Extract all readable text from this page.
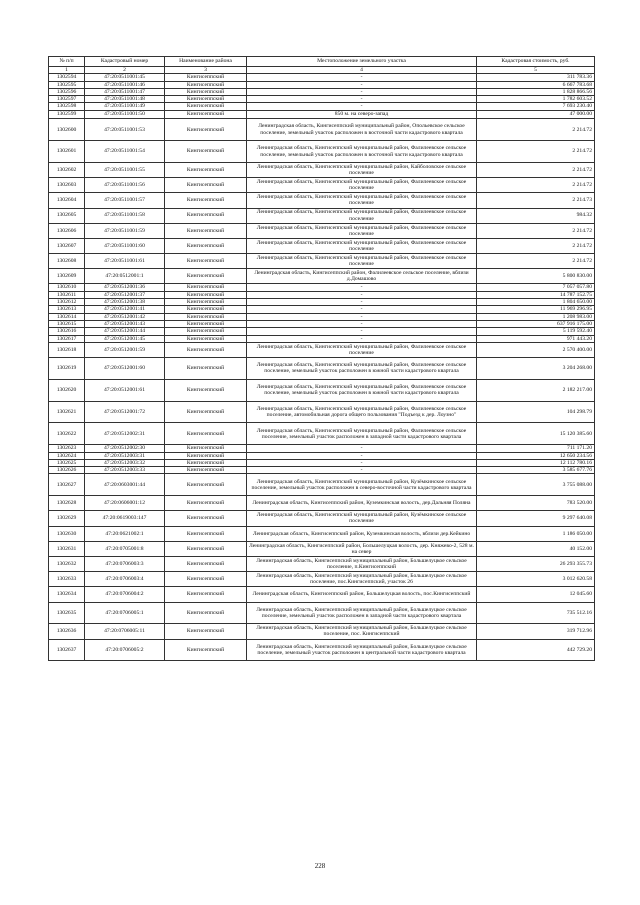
№ п/п	Кадастровый номер	Наименование района	Местоположение земельного участка	Кадастровая стоимость, руб.
1	2	3	4	5
1302594	47:20:0511001:45	Кингисеппский	-	311 783.36
1302595	47:20:0511001:46	Кингисеппский	-	6 667 783.68
1302596	47:20:0511001:47	Кингисеппский	-	1 828 866.56
1302597	47:20:0511001:48	Кингисеппский	-	1 782 603.52
1302598	47:20:0511001:49	Кингисеппский	-	7 693 230.40
1302599	47:20:0511001:50	Кингисеппский	850 м. на северо-запад	47 000.00
1302600	47:20:0511001:53	Кингисеппский	Ленинградская область, Кингисеппский муниципальный район, Опольевское сельское поселение, земельный участок расположен в восточной части кадастрового квартала	2 214.72
1302601	47:20:0511001:54	Кингисеппский	Ленинградская область, Кингисеппский муниципальный район, Фалилеевское сельское поселение, земельный участок расположен в восточной части кадастрового квартала	2 214.72
1302602	47:20:0511001:55	Кингисеппский	Ленинградская область, Кингисеппский муниципальный район, Кайболовское сельское поселение	2 214.72
1302603	47:20:0511001:56	Кингисеппский	Ленинградская область, Кингисеппский муниципальный район, Фалилеевское сельское поселение	2 214.72
1302604	47:20:0511001:57	Кингисеппский	Ленинградская область, Кингисеппский муниципальный район, Фалилеевское сельское поселение	2 214.73
1302605	47:20:0511001:58	Кингисеппский	Ленинградская область, Кингисеппский муниципальный район, Фалилеевское сельское поселение	984.32
1302606	47:20:0511001:59	Кингисеппский	Ленинградская область, Кингисеппский муниципальный район, Фалилеевское сельское поселение	2 214.72
1302607	47:20:0511001:60	Кингисеппский	Ленинградская область, Кингисеппский муниципальный район, Фалилеевское сельское поселение	2 214.72
1302608	47:20:0511001:61	Кингисеппский	Ленинградская область, Кингисеппский муниципальный район, Фалилеевское сельское поселение	2 214.72
1302609	47:20:0512001:1	Кингисеппский	Ленинградская область, Кингисеппский район, Фалилеевское сельское поселение, вблизи д.Домашово	5 800 830.00
1302610	47:20:0512001:36	Кингисеппский	-	7 057 057.80
1302611	47:20:0512001:37	Кингисеппский	-	14 787 152.75
1302612	47:20:0512001:38	Кингисеппский	-	1 804 650.00
1302613	47:20:0512001:41	Кингисеппский	-	11 969 296.95
1302614	47:20:0512001:42	Кингисеппский	-	1 208 983.00
1302615	47:20:0512001:43	Кингисеппский	-	637 916 175.00
1302616	47:20:0512001:44	Кингисеппский	-	5 119 592.40
1302617	47:20:0512001:45	Кингисеппский	-	971 443.20
1302618	47:20:0512001:59	Кингисеппский	Ленинградская область, Кингисеппский муниципальный район, Фалилеевское сельское поселение	2 570 400.00
1302619	47:20:0512001:60	Кингисеппский	Ленинградская область, Кингисеппский муниципальный район, Фалилеевское сельское поселение, земельный участок расположен в южной части кадастрового квартала	3 204 268.00
1302620	47:20:0512001:61	Кингисеппский	Ленинградская область, Кингисеппский муниципальный район, Фалилеевское сельское поселение, земельный участок расположен в южной части кадастрового квартала	2 182 217.00
1302621	47:20:0512001:72	Кингисеппский	Ленинградская область, Кингисеппский муниципальный район, Фалилеевское сельское поселение, автомобильная дорога общего пользования "Подъезд к дер. Лоузно"	104 298.79
1302622	47:20:0512002:31	Кингисеппский	Ленинградская область, Кингисеппский муниципальный район, Фалилеевское сельское поселение, земельный участок расположен в западной части кадастрового квартала	15 120 385.60
1302623	47:20:0512002:30	Кингисеппский	-	711 171.20
1302624	47:20:0512003:31	Кингисеппский	-	12 650 234.56
1302625	47:20:0512003:32	Кингисеппский	-	12 112 780.16
1302626	47:20:0512003:33	Кингисеппский	-	3 585 677.76
1302627	47:20:0603001:44	Кингисеппский	Ленинградская область, Кингисеппский муниципальный район, Кузёмкинское сельское поселение, земельный участок расположен в северо-восточной части кадастрового квартала	3 755 088.00
1302628	47:20:0606001:12	Кингисеппский	Ленинградская область, Кингисеппский район, Куземкинская волость, дер.Дальняя Поляна	783 520.00
1302629	47:20:0619003:147	Кингисеппский	Ленинградская область, Кингисеппский муниципальный район, Кузёмкинское сельское поселение	9 297 640.08
1302630	47:20:0621002:1	Кингисеппский	Ленинградская область, Кингисеппский район, Куземкинская волость, вблизи дер.Кейкино	1 186 050.00
1302631	47:20:0705001:8	Кингисеппский	Ленинградская область, Кингисеппский район, Большелуцкая волость, дер. Княжево-2, 528 м. на север	40 152.00
1302632	47:20:0706003:3	Кингисеппский	Ленинградская область, Кингисеппский муниципальный район, Большелуцкое сельское поселение, п.Кингисеппский	26 293 355.73
1302633	47:20:0706003:4	Кингисеппский	Ленинградская область, Кингисеппский муниципальный район, Большелуцкое сельское поселение, пос.Кингисеппский, участок 26	3 012 620.58
1302634	47:20:0706004:2	Кингисеппский	Ленинградская область, Кингисеппский район, Большелуцкая волость, пос.Кингисеппский	12 045.60
1302635	47:20:0706005:1	Кингисеппский	Ленинградская область, Кингисеппский муниципальный район, Большелуцкое сельское поселение, земельный участок расположен в западной части кадастрового квартала	735 512.16
1302636	47:20:0706005:11	Кингисеппский	Ленинградская область, Кингисеппский муниципальный район, Большелуцкое сельское поселение, пос. Кингисеппский	319 712.96
1302637	47:20:0706005:2	Кингисеппский	Ленинградская область, Кингисеппский муниципальный район, Большелуцкое сельское поселение, земельный участок расположен в центральной части кадастрового квартала	442 729.20
228
